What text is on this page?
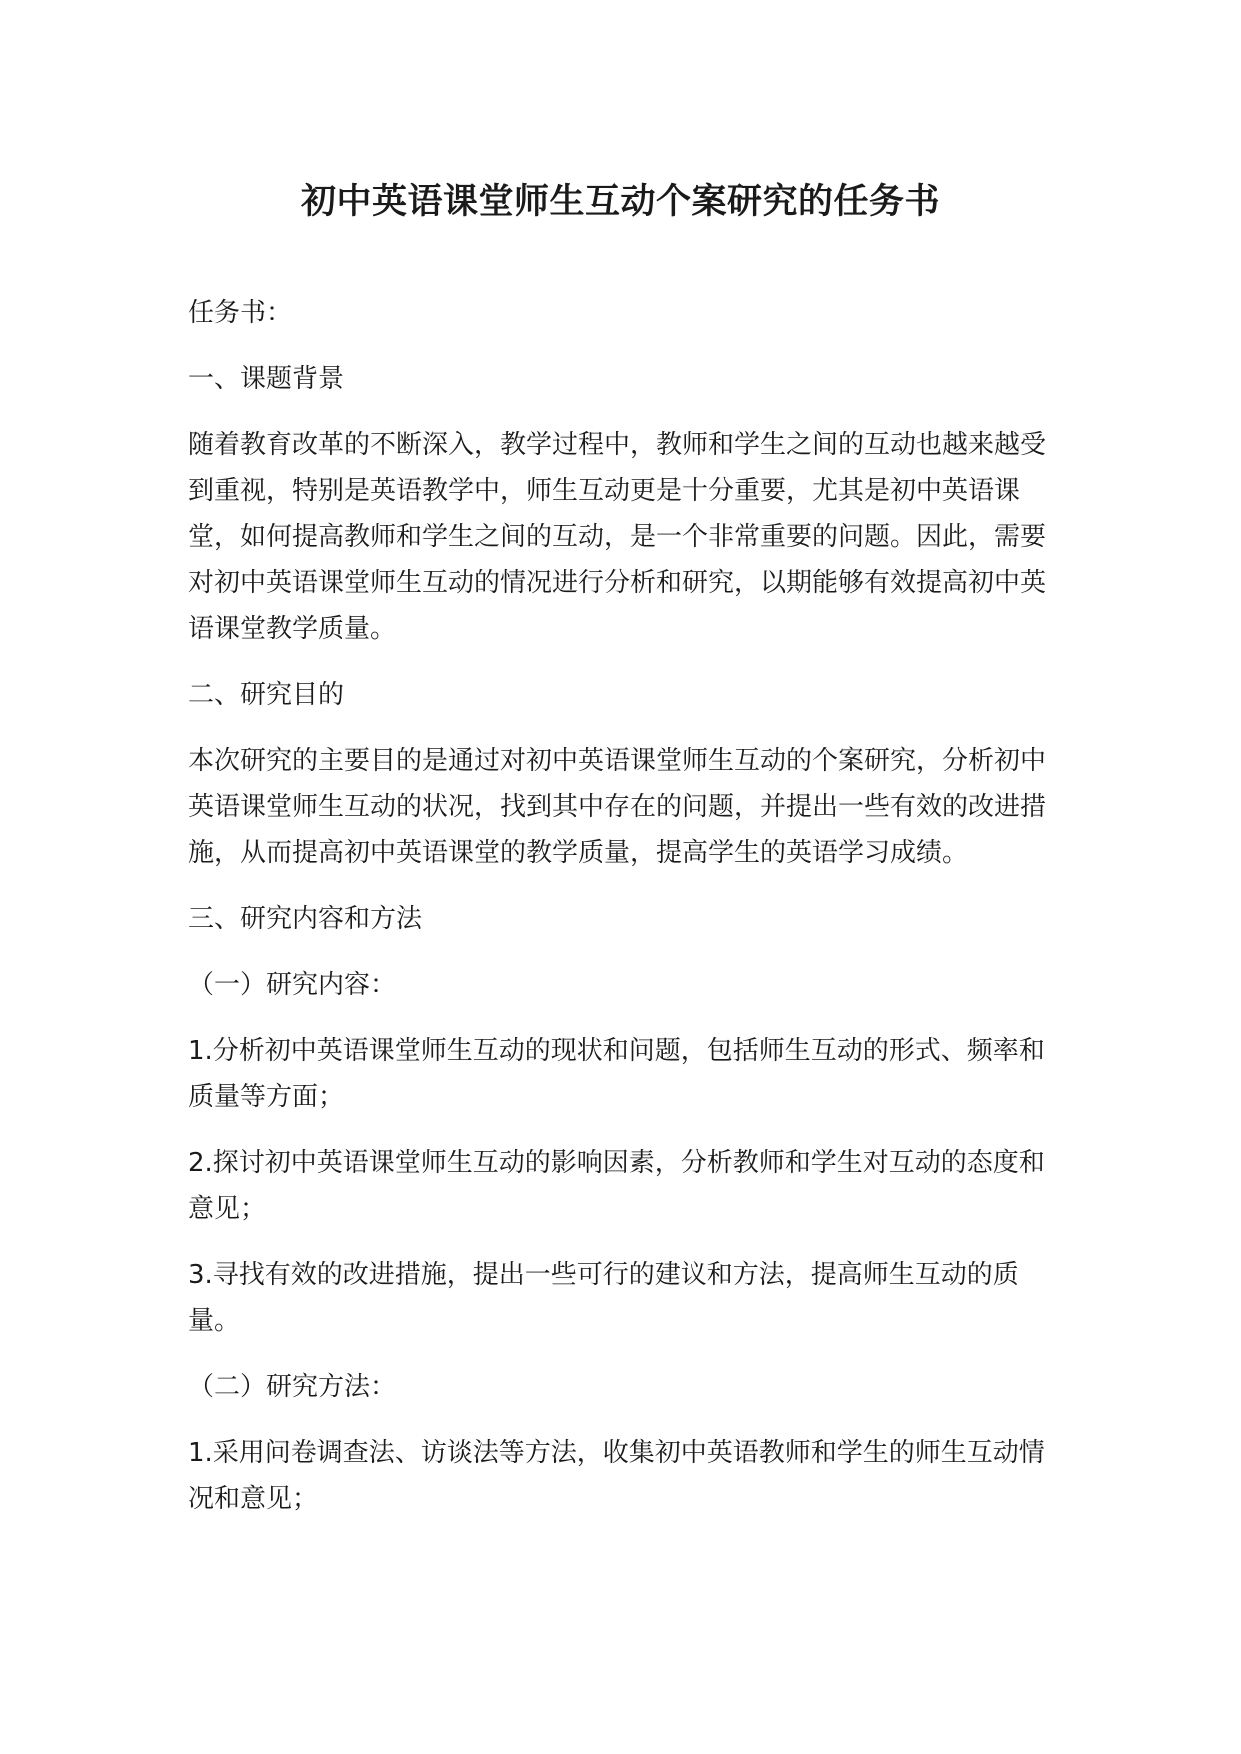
初中英语课堂师生互动个案研究的任务书

任务书：

一、课题背景

随着教育改革的不断深入，教学过程中，教师和学生之间的互动也越来越受到重视，特别是英语教学中，师生互动更是十分重要，尤其是初中英语课堂，如何提高教师和学生之间的互动，是一个非常重要的问题。因此，需要对初中英语课堂师生互动的情况进行分析和研究，以期能够有效提高初中英语课堂教学质量。

二、研究目的

本次研究的主要目的是通过对初中英语课堂师生互动的个案研究，分析初中英语课堂师生互动的状况，找到其中存在的问题，并提出一些有效的改进措施，从而提高初中英语课堂的教学质量，提高学生的英语学习成绩。

三、研究内容和方法

（一）研究内容：

1.分析初中英语课堂师生互动的现状和问题，包括师生互动的形式、频率和质量等方面；

2.探讨初中英语课堂师生互动的影响因素，分析教师和学生对互动的态度和意见；

3.寻找有效的改进措施，提出一些可行的建议和方法，提高师生互动的质量。

（二）研究方法：

1.采用问卷调查法、访谈法等方法，收集初中英语教师和学生的师生互动情况和意见；
